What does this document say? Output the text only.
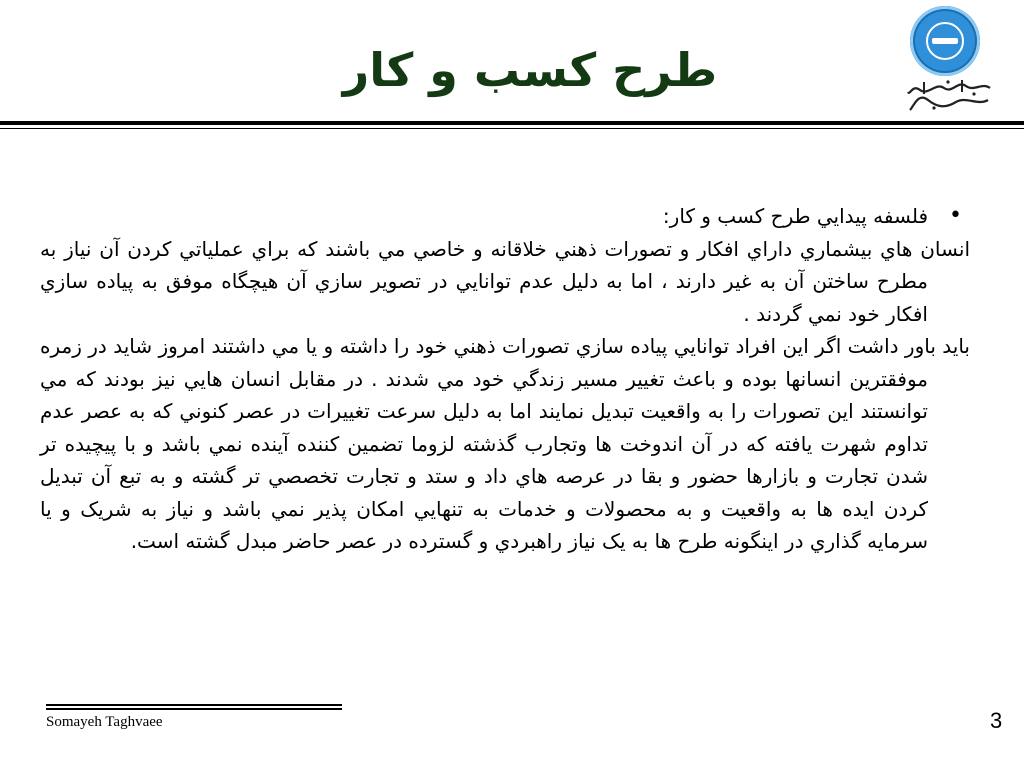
طرح کسب و کار

•
فلسفه پيدايي طرح كسب و كار:

انسان هاي بيشماري داراي افكار و تصورات ذهني خلاقانه و خاصي مي باشند كه براي عملياتي كردن آن نياز به مطرح ساختن آن به غير دارند ، اما به دليل عدم توانايي در تصوير سازي آن هيچگاه موفق به پياده سازي افكار خود نمي گردند .

بايد باور داشت اگر اين افراد توانايي پياده سازي تصورات ذهني خود را داشته و يا مي داشتند امروز شايد در زمره موفقترين انسانها بوده و باعث تغيير مسير زندگي خود مي شدند . در مقابل انسان هايي نيز بودند كه مي توانستند اين تصورات را به واقعيت تبديل نمايند اما به دليل سرعت تغييرات در عصر كنوني كه به عصر عدم تداوم شهرت يافته كه در آن اندوخت ها وتجارب گذشته لزوما تضمين كننده آينده نمي باشد و با پيچيده تر شدن تجارت و بازارها حضور و بقا در عرصه هاي داد و ستد و تجارت تخصصي تر گشته و به تبع آن تبديل كردن ايده ها به واقعيت و به محصولات و خدمات به تنهايي امكان پذير نمي باشد و نياز به شريک و يا سرمايه گذاري در اينگونه طرح ها به يک نياز راهبردي و گسترده در عصر حاضر مبدل گشته است.

Somayeh Taghvaee	3
